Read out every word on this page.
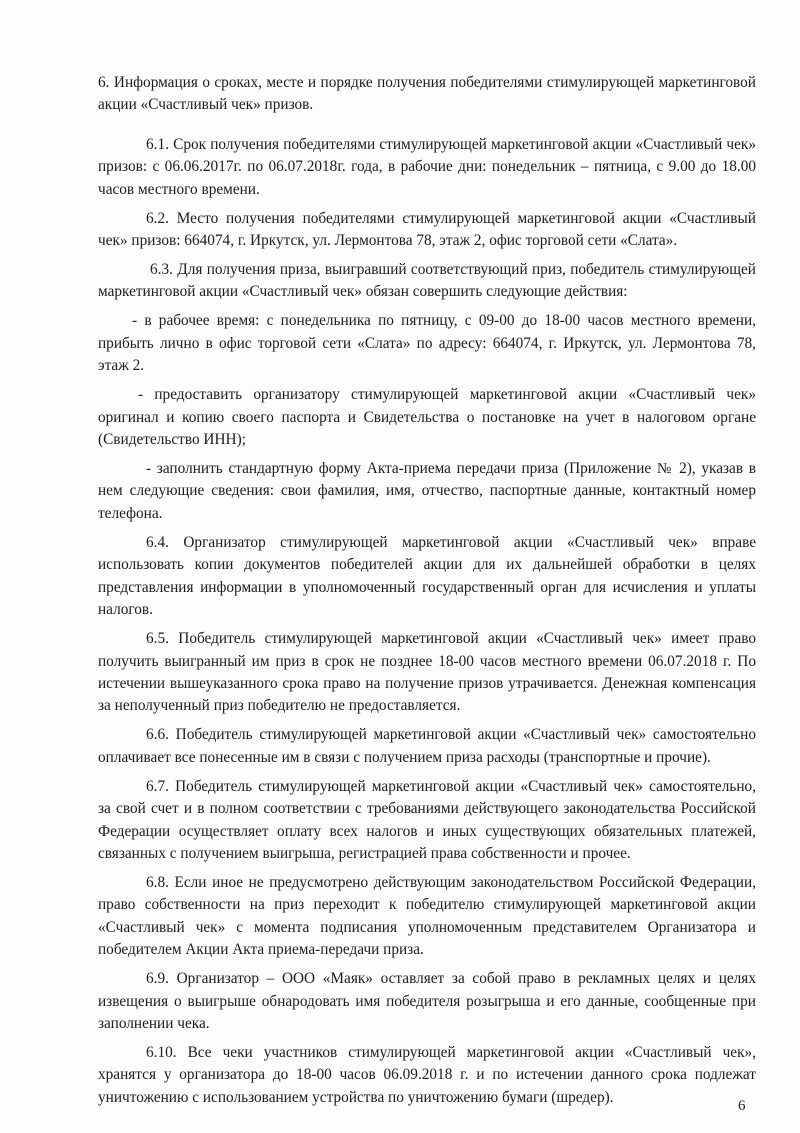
6. Информация о сроках, месте и порядке получения победителями стимулирующей маркетинговой акции «Счастливый чек» призов.

6.1. Срок получения победителями стимулирующей маркетинговой акции «Счастливый чек» призов: с 06.06.2017г. по 06.07.2018г. года, в рабочие дни: понедельник – пятница, с 9.00 до 18.00 часов местного времени.

6.2. Место получения победителями стимулирующей маркетинговой акции «Счастливый чек» призов: 664074, г. Иркутск, ул. Лермонтова 78, этаж 2, офис торговой сети «Слата».

6.3. Для получения приза, выигравший соответствующий приз, победитель стимулирующей маркетинговой акции «Счастливый чек» обязан совершить следующие действия:

- в рабочее время: с понедельника по пятницу, с 09-00 до 18-00 часов местного времени, прибыть лично в офис торговой сети «Слата» по адресу: 664074, г. Иркутск, ул. Лермонтова 78, этаж 2.

- предоставить организатору стимулирующей маркетинговой акции «Счастливый чек» оригинал и копию своего паспорта и Свидетельства о постановке на учет в налоговом органе (Свидетельство ИНН);

- заполнить стандартную форму Акта-приема передачи приза (Приложение № 2), указав в нем следующие сведения: свои фамилия, имя, отчество, паспортные данные, контактный номер телефона.

6.4. Организатор стимулирующей маркетинговой акции «Счастливый чек» вправе использовать копии документов победителей акции для их дальнейшей обработки в целях представления информации в уполномоченный государственный орган для исчисления и уплаты налогов.

6.5. Победитель стимулирующей маркетинговой акции «Счастливый чек» имеет право получить выигранный им приз в срок не позднее 18-00 часов местного времени 06.07.2018 г. По истечении вышеуказанного срока право на получение призов утрачивается. Денежная компенсация за неполученный приз победителю не предоставляется.

6.6. Победитель стимулирующей маркетинговой акции «Счастливый чек» самостоятельно оплачивает все понесенные им в связи с получением приза расходы (транспортные и прочие).

6.7. Победитель стимулирующей маркетинговой акции «Счастливый чек» самостоятельно, за свой счет и в полном соответствии с требованиями действующего законодательства Российской Федерации осуществляет оплату всех налогов и иных существующих обязательных платежей, связанных с получением выигрыша, регистрацией права собственности и прочее.

6.8. Если иное не предусмотрено действующим законодательством Российской Федерации, право собственности на приз переходит к победителю стимулирующей маркетинговой акции «Счастливый чек» с момента подписания уполномоченным представителем Организатора и победителем Акции Акта приема-передачи приза.

6.9. Организатор – ООО «Маяк» оставляет за собой право в рекламных целях и целях извещения о выигрыше обнародовать имя победителя розыгрыша и его данные, сообщенные при заполнении чека.

6.10. Все чеки участников стимулирующей маркетинговой акции «Счастливый чек», хранятся у организатора до 18-00 часов 06.09.2018 г. и по истечении данного срока подлежат уничтожению с использованием устройства по уничтожению бумаги (шредер).

6
